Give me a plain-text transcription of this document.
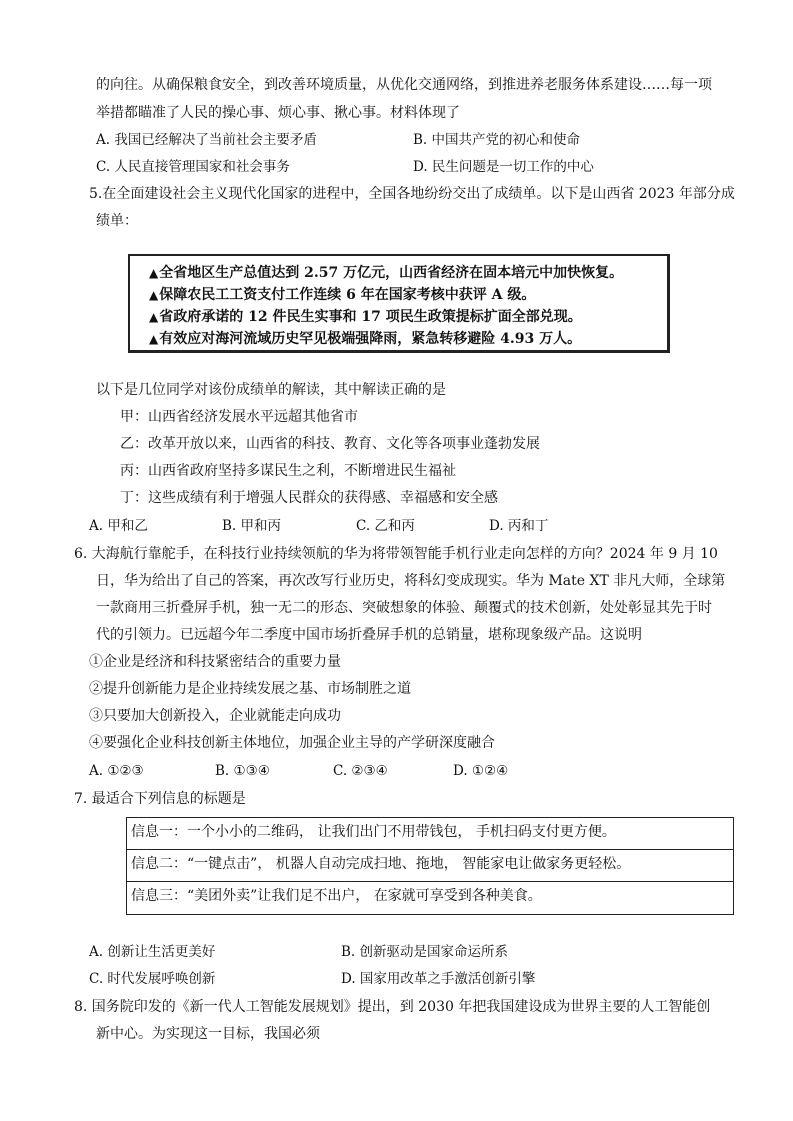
的向往。从确保粮食安全，到改善环境质量，从优化交通网络，到推进养老服务体系建设……每一项
举措都瞄准了人民的操心事、烦心事、揪心事。材料体现了
A. 我国已经解决了当前社会主要矛盾	B. 中国共产党的初心和使命
C. 人民直接管理国家和社会事务	D. 民生问题是一切工作的中心
5.在全面建设社会主义现代化国家的进程中，全国各地纷纷交出了成绩单。以下是山西省 2023 年部分成
绩单：
▲全省地区生产总值达到 2.57 万亿元，山西省经济在固本培元中加快恢复。
▲保障农民工工资支付工作连续 6 年在国家考核中获评 A 级。
▲省政府承诺的 12 件民生实事和 17 项民生政策提标扩面全部兑现。
▲有效应对海河流域历史罕见极端强降雨，紧急转移避险 4.93 万人。
以下是几位同学对该份成绩单的解读，其中解读正确的是
甲：山西省经济发展水平远超其他省市
乙：改革开放以来，山西省的科技、教育、文化等各项事业蓬勃发展
丙：山西省政府坚持多谋民生之利，不断增进民生福祉
丁：这些成绩有利于增强人民群众的获得感、幸福感和安全感
A. 甲和乙	B. 甲和丙	C. 乙和丙	D. 丙和丁
6. 大海航行靠舵手，在科技行业持续领航的华为将带领智能手机行业走向怎样的方向？2024 年 9 月 10
日，华为给出了自己的答案，再次改写行业历史，将科幻变成现实。华为 Mate XT 非凡大师，全球第
一款商用三折叠屏手机，独一无二的形态、突破想象的体验、颠覆式的技术创新，处处彰显其先于时
代的引领力。已远超今年二季度中国市场折叠屏手机的总销量，堪称现象级产品。这说明
①企业是经济和科技紧密结合的重要力量
②提升创新能力是企业持续发展之基、市场制胜之道
③只要加大创新投入，企业就能走向成功
④要强化企业科技创新主体地位，加强企业主导的产学研深度融合
A. ①②③	B. ①③④	C. ②③④	D. ①②④
7. 最适合下列信息的标题是
信息一：一个小小的二维码， 让我们出门不用带钱包， 手机扫码支付更方便。
信息二：“一键点击”， 机器人自动完成扫地、拖地， 智能家电让做家务更轻松。
信息三：“美团外卖”让我们足不出户， 在家就可享受到各种美食。
A. 创新让生活更美好	B. 创新驱动是国家命运所系
C. 时代发展呼唤创新	D. 国家用改革之手激活创新引擎
8. 国务院印发的《新一代人工智能发展规划》提出，到 2030 年把我国建设成为世界主要的人工智能创
新中心。为实现这一目标，我国必须
